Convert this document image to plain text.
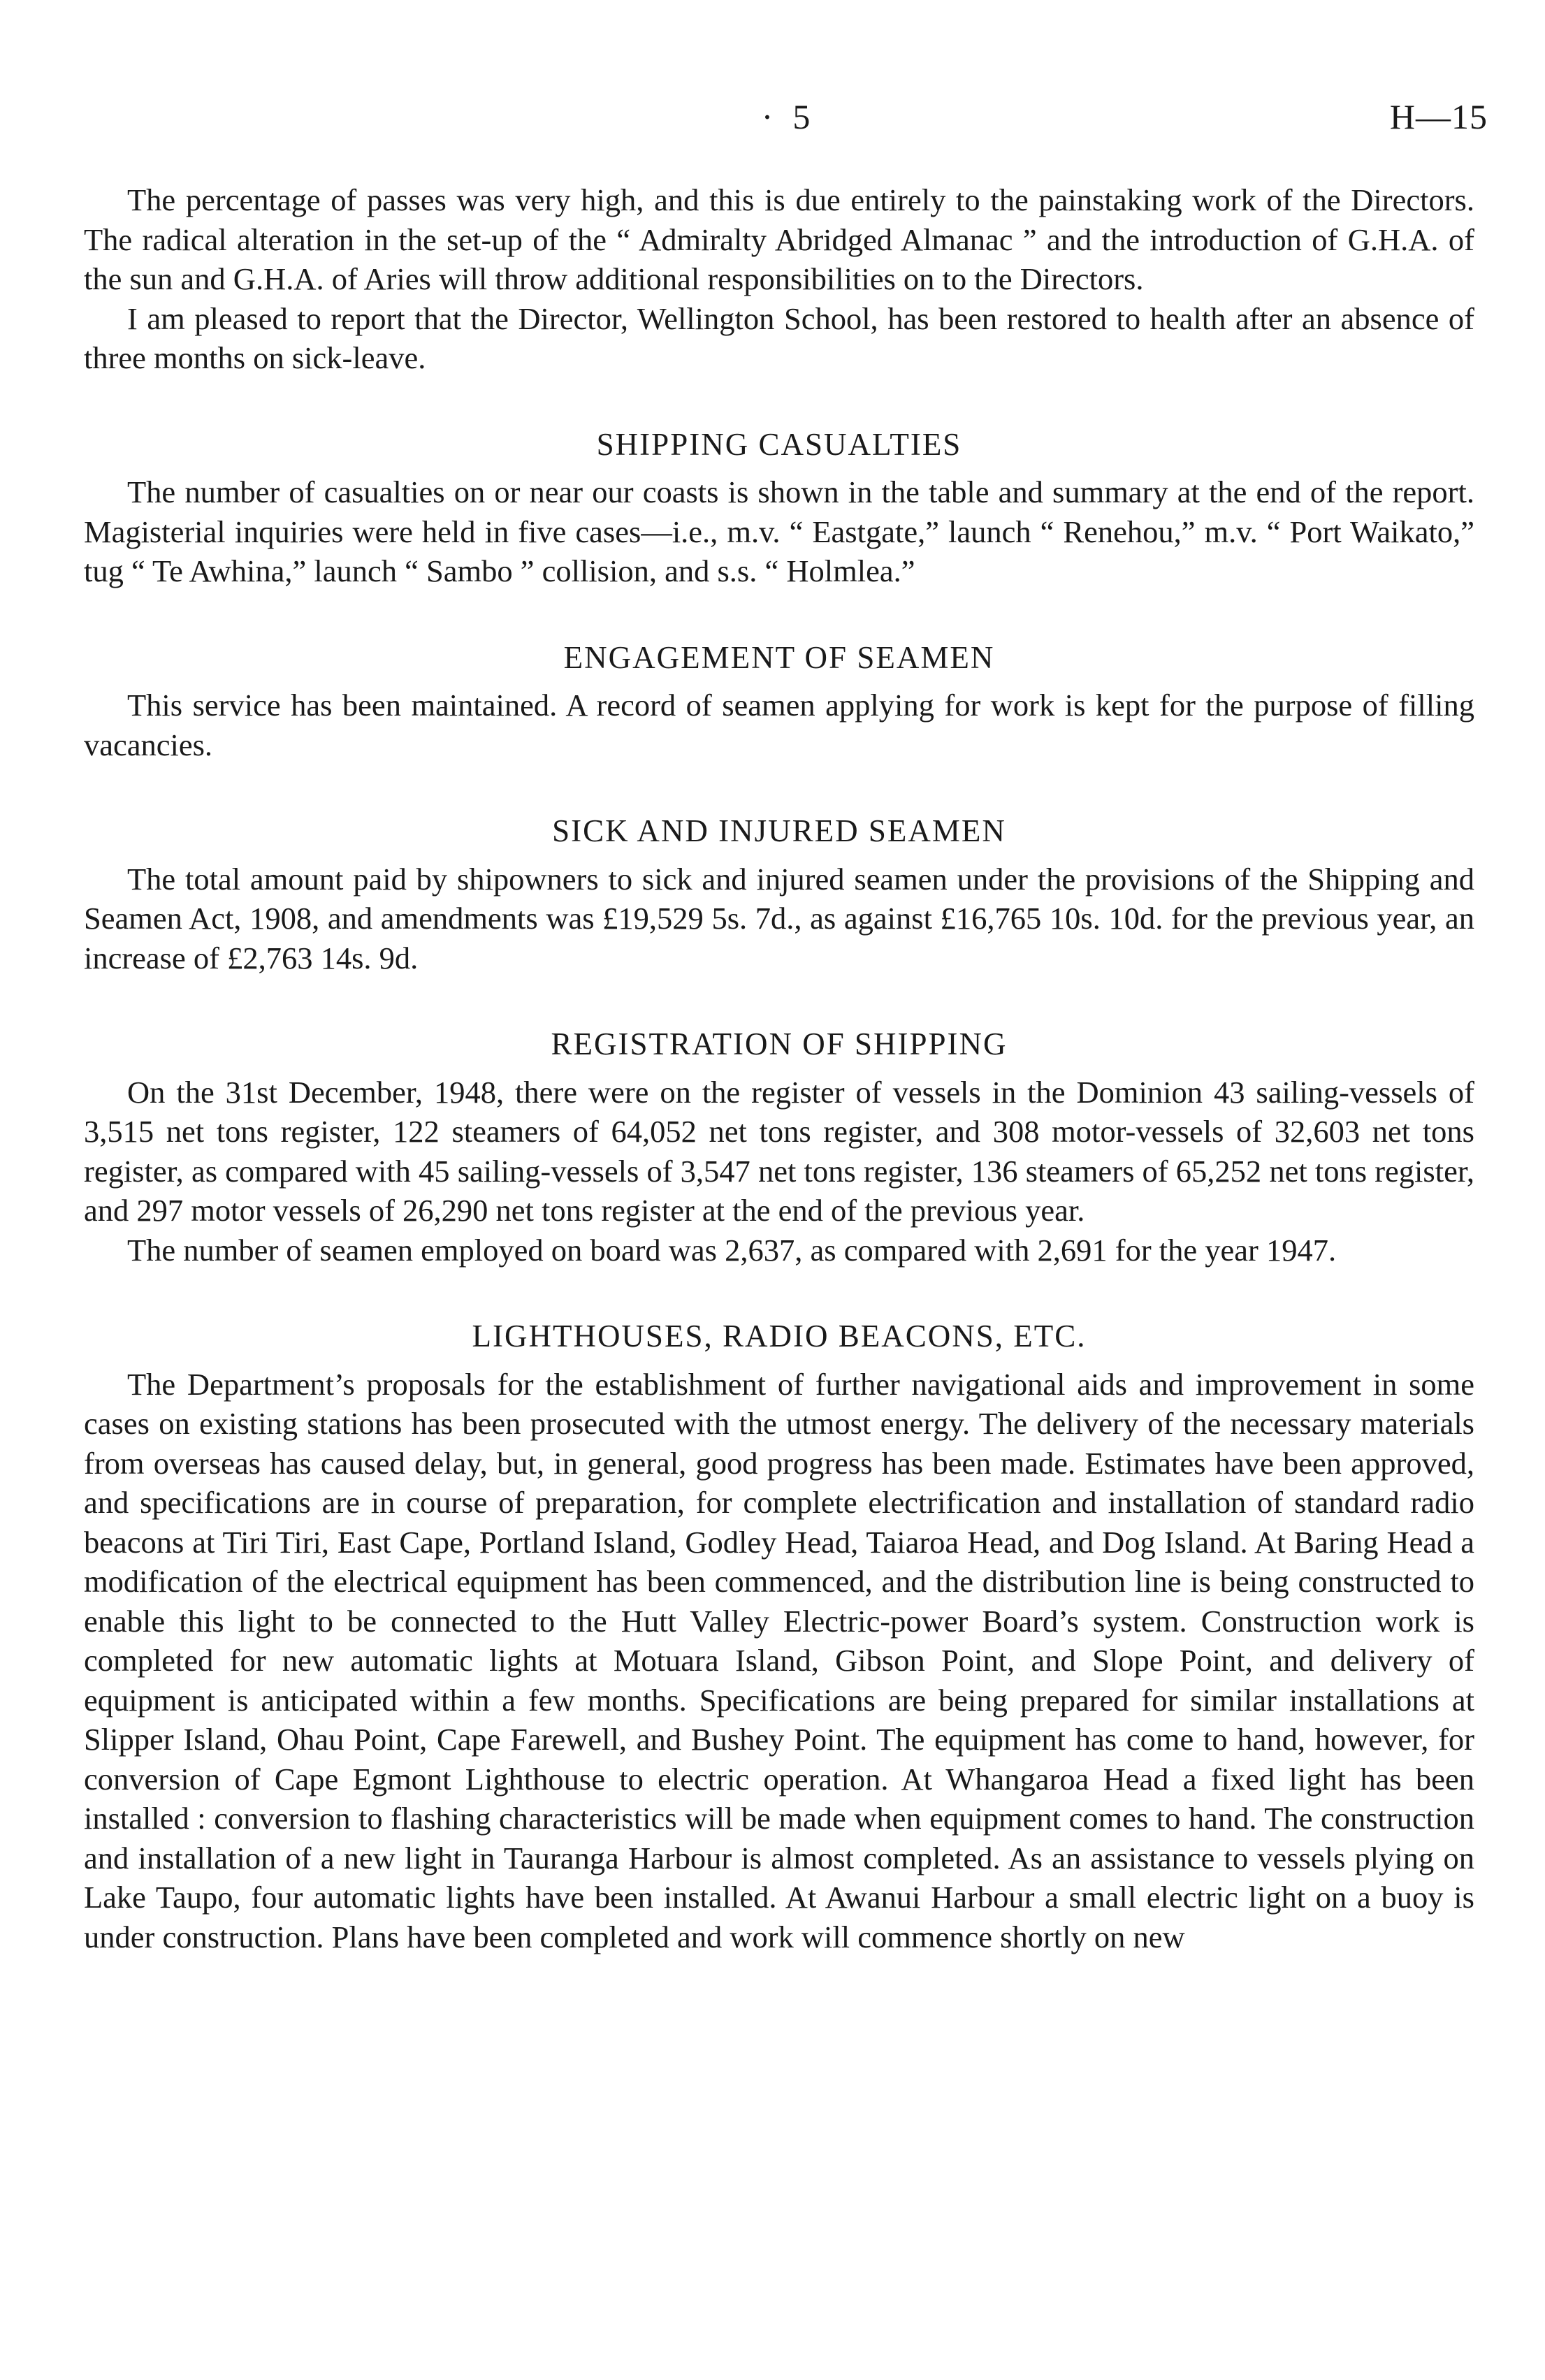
· 5	H—15

The percentage of passes was very high, and this is due entirely to the painstaking work of the Directors. The radical alteration in the set-up of the “ Admiralty Abridged Almanac ” and the introduction of G.H.A. of the sun and G.H.A. of Aries will throw additional responsibilities on to the Directors.

I am pleased to report that the Director, Wellington School, has been restored to health after an absence of three months on sick-leave.

SHIPPING CASUALTIES

The number of casualties on or near our coasts is shown in the table and summary at the end of the report. Magisterial inquiries were held in five cases—i.e., m.v. “ Eastgate,” launch “ Renehou,” m.v. “ Port Waikato,” tug “ Te Awhina,” launch “ Sambo ” collision, and s.s. “ Holmlea.”

ENGAGEMENT OF SEAMEN

This service has been maintained. A record of seamen applying for work is kept for the purpose of filling vacancies.

SICK AND INJURED SEAMEN

The total amount paid by shipowners to sick and injured seamen under the provisions of the Shipping and Seamen Act, 1908, and amendments was £19,529 5s. 7d., as against £16,765 10s. 10d. for the previous year, an increase of £2,763 14s. 9d.

REGISTRATION OF SHIPPING

On the 31st December, 1948, there were on the register of vessels in the Dominion 43 sailing-vessels of 3,515 net tons register, 122 steamers of 64,052 net tons register, and 308 motor-vessels of 32,603 net tons register, as compared with 45 sailing-vessels of 3,547 net tons register, 136 steamers of 65,252 net tons register, and 297 motor vessels of 26,290 net tons register at the end of the previous year.

The number of seamen employed on board was 2,637, as compared with 2,691 for the year 1947.

LIGHTHOUSES, RADIO BEACONS, ETC.

The Department’s proposals for the establishment of further navigational aids and improvement in some cases on existing stations has been prosecuted with the utmost energy. The delivery of the necessary materials from overseas has caused delay, but, in general, good progress has been made. Estimates have been approved, and specifications are in course of preparation, for complete electrification and installation of standard radio beacons at Tiri Tiri, East Cape, Portland Island, Godley Head, Taiaroa Head, and Dog Island. At Baring Head a modification of the electrical equipment has been commenced, and the distribution line is being constructed to enable this light to be connected to the Hutt Valley Electric-power Board’s system. Construction work is completed for new automatic lights at Motuara Island, Gibson Point, and Slope Point, and delivery of equipment is anticipated within a few months. Specifications are being prepared for similar installations at Slipper Island, Ohau Point, Cape Farewell, and Bushey Point. The equipment has come to hand, however, for conversion of Cape Egmont Lighthouse to electric operation. At Whangaroa Head a fixed light has been installed : conversion to flashing characteristics will be made when equipment comes to hand. The construction and installation of a new light in Tauranga Harbour is almost completed. As an assistance to vessels plying on Lake Taupo, four automatic lights have been installed. At Awanui Harbour a small electric light on a buoy is under construction. Plans have been completed and work will commence shortly on new
